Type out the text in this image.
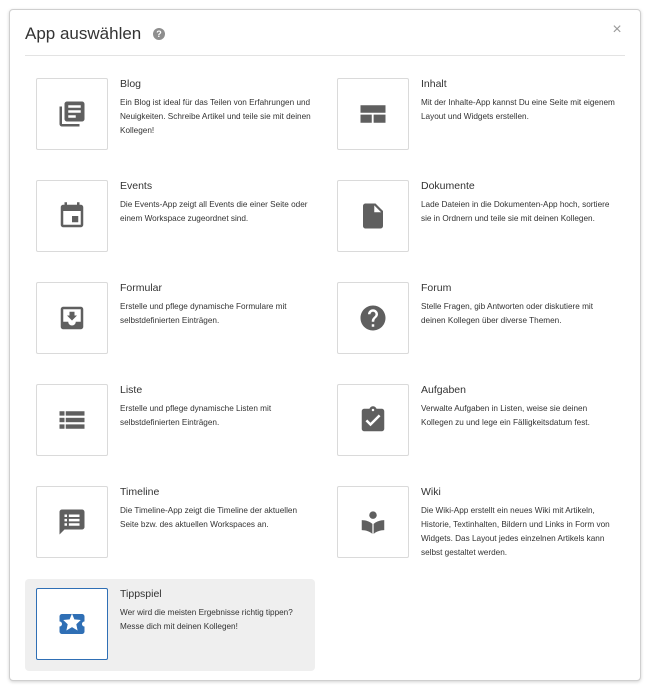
App auswählen	?	×
Blog
Ein Blog ist ideal für das Teilen von Erfahrungen und Neuigkeiten. Schreibe Artikel und teile sie mit deinen Kollegen!
Inhalt
Mit der Inhalte-App kannst Du eine Seite mit eigenem Layout und Widgets erstellen.
Events
Die Events-App zeigt all Events die einer Seite oder einem Workspace zugeordnet sind.
Dokumente
Lade Dateien in die Dokumenten-App hoch, sortiere sie in Ordnern und teile sie mit deinen Kollegen.
Formular
Erstelle und pflege dynamische Formulare mit selbstdefinierten Einträgen.
Forum
Stelle Fragen, gib Antworten oder diskutiere mit deinen Kollegen über diverse Themen.
Liste
Erstelle und pflege dynamische Listen mit selbstdefinierten Einträgen.
Aufgaben
Verwalte Aufgaben in Listen, weise sie deinen Kollegen zu und lege ein Fälligkeitsdatum fest.
Timeline
Die Timeline-App zeigt die Timeline der aktuellen Seite bzw. des aktuellen Workspaces an.
Wiki
Die Wiki-App erstellt ein neues Wiki mit Artikeln, Historie, Textinhalten, Bildern und Links in Form von Widgets. Das Layout jedes einzelnen Artikels kann selbst gestaltet werden.
Tippspiel
Wer wird die meisten Ergebnisse richtig tippen? Messe dich mit deinen Kollegen!
